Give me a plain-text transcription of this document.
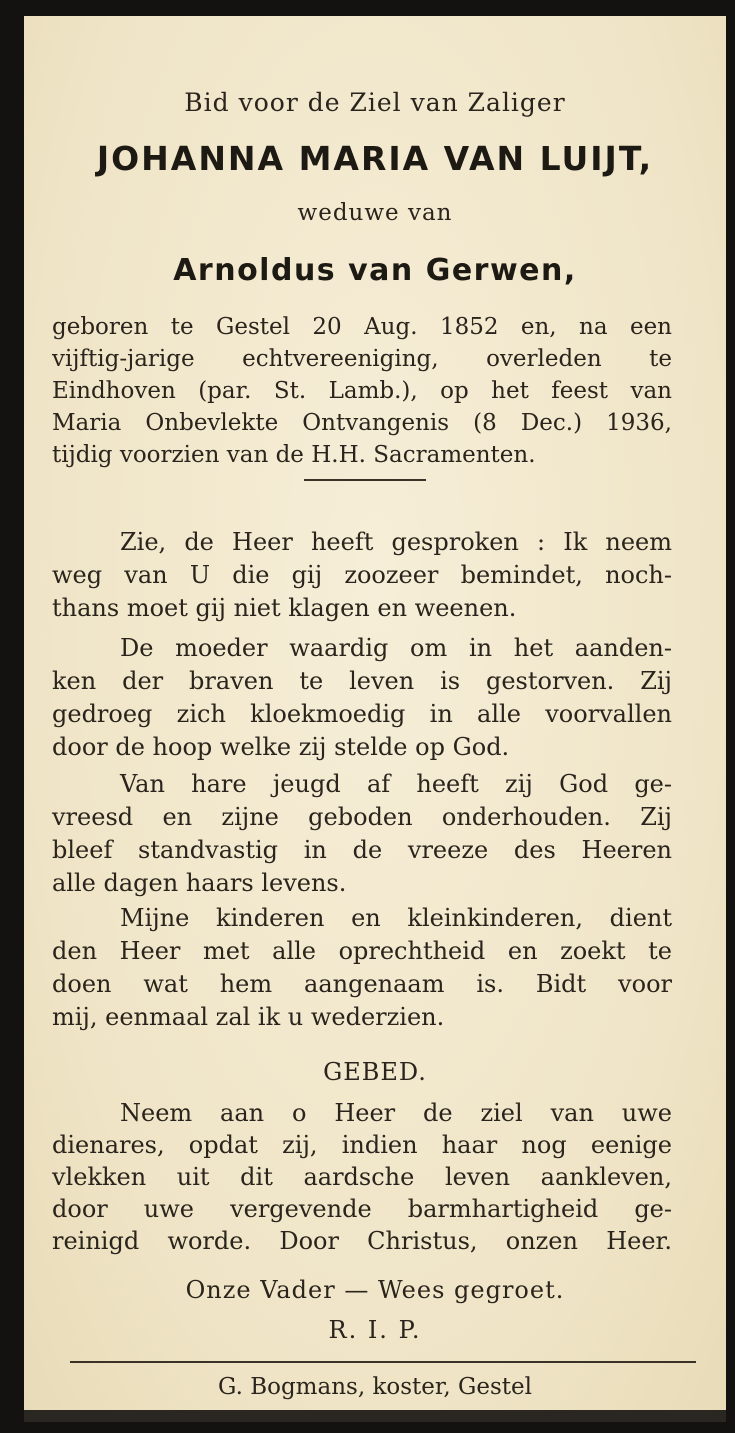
Bid voor de Ziel van Zaliger

JOHANNA MARIA VAN LUIJT,

weduwe van

Arnoldus van Gerwen,

geboren te Gestel 20 Aug. 1852 en, na een

vijftig-jarige echtvereeniging, overleden te

Eindhoven (par. St. Lamb.), op het feest van

Maria Onbevlekte Ontvangenis (8 Dec.) 1936,

tijdig voorzien van de H.H. Sacramenten.

Zie, de Heer heeft gesproken : Ik neem

weg van U die gij zoozeer bemindet, noch-

thans moet gij niet klagen en weenen.

De moeder waardig om in het aanden-

ken der braven te leven is gestorven. Zij

gedroeg zich kloekmoedig in alle voorvallen

door de hoop welke zij stelde op God.

Van hare jeugd af heeft zij God ge-

vreesd en zijne geboden onderhouden. Zij

bleef standvastig in de vreeze des Heeren

alle dagen haars levens.

Mijne kinderen en kleinkinderen, dient

den Heer met alle oprechtheid en zoekt te

doen wat hem aangenaam is. Bidt voor

mij, eenmaal zal ik u wederzien.

GEBED.

Neem aan o Heer de ziel van uwe

dienares, opdat zij, indien haar nog eenige

vlekken uit dit aardsche leven aankleven,

door uwe vergevende barmhartigheid ge-

reinigd worde. Door Christus, onzen Heer.

Onze Vader — Wees gegroet.

R. I. P.

G. Bogmans, koster, Gestel
